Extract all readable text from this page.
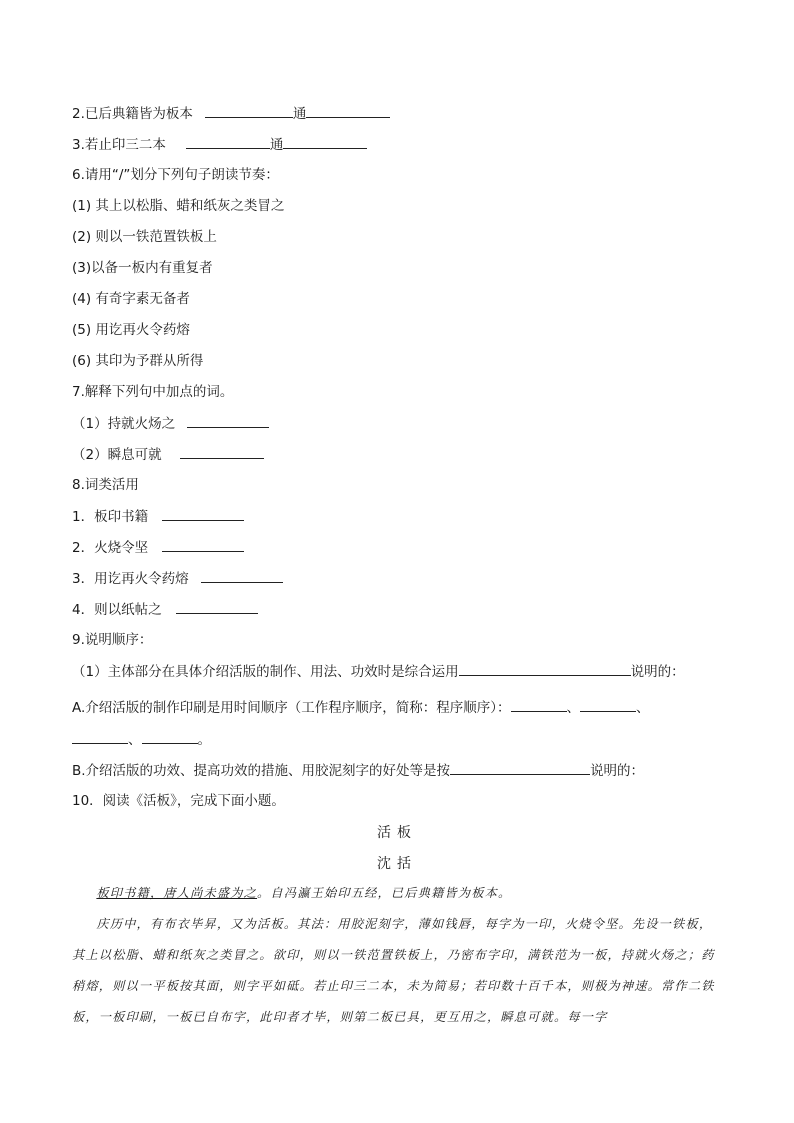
2.已后典籍皆为板本	通
3.若止印三二本	通
6.请用“/”划分下列句子朗读节奏：
(1) 其上以松脂、蜡和纸灰之类冒之
(2) 则以一铁范置铁板上
(3)以备一板内有重复者
(4) 有奇字素无备者
(5) 用讫再火令药熔
(6) 其印为予群从所得
7.解释下列句中加点的词。
（1）持就火炀之
（2）瞬息可就
8.词类活用
1．板印书籍
2．火烧令坚
3．用讫再火令药熔
4．则以纸帖之
9.说明顺序：
（1）主体部分在具体介绍活版的制作、用法、功效时是综合运用	说明的：
A.介绍活版的制作印刷是用时间顺序（工作程序顺序，简称：程序顺序）：	、	、
、	。
B.介绍活版的功效、提高功效的措施、用胶泥刻字的好处等是按	说明的：
10．阅读《活板》，完成下面小题。
活板
沈括

板印书籍，唐人尚未盛为之。自冯瀛王始印五经，已后典籍皆为板本。

庆历中，有布衣毕昇，又为活板。其法：用胶泥刻字，薄如钱唇，每字为一印，火烧令坚。先设一铁板，其上以松脂、蜡和纸灰之类冒之。欲印，则以一铁范置铁板上，乃密布字印，满铁范为一板，持就火炀之；药稍熔，则以一平板按其面，则字平如砥。若止印三二本，未为简易；若印数十百千本，则极为神速。常作二铁板，一板印刷，一板已自布字，此印者才毕，则第二板已具，更互用之，瞬息可就。每一字
